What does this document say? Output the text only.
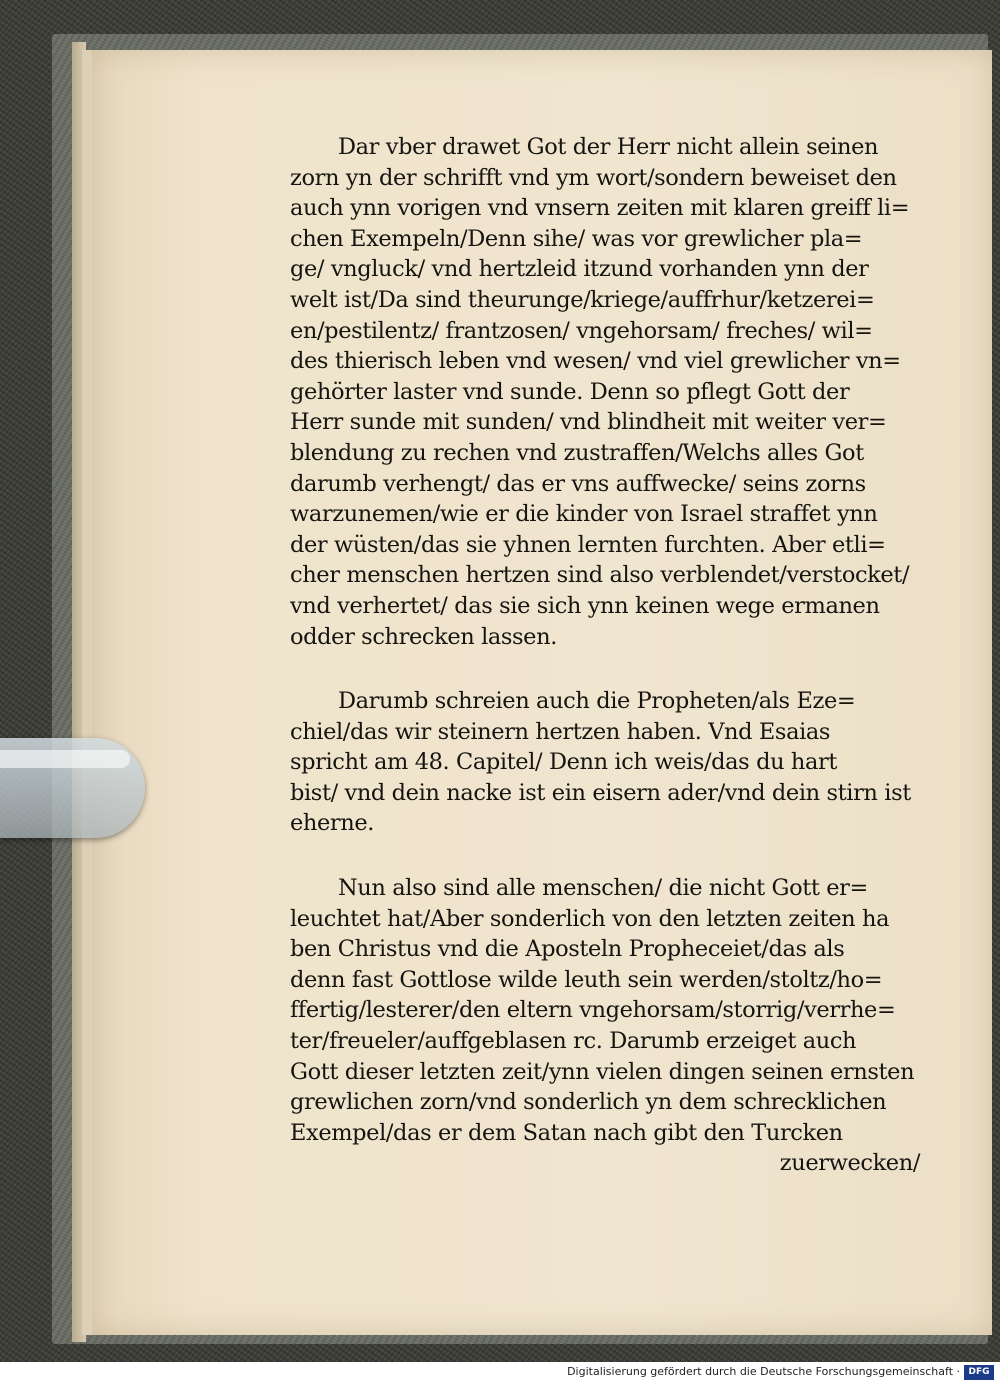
Dar vber drawet Got der Herr nicht allein seinen
zorn yn der schrifft vnd ym wort/sondern beweiset den
auch ynn vorigen vnd vnsern zeiten mit klaren greiff li=
chen Exempeln/Denn sihe/ was vor grewlicher pla=
ge/ vngluck/ vnd hertzleid itzund vorhanden ynn der
welt ist/Da sind theurunge/kriege/auffrhur/ketzerei=
en/pestilentz/ frantzosen/ vngehorsam/ freches/ wil=
des thierisch leben vnd wesen/ vnd viel grewlicher vn=
gehörter laster vnd sunde. Denn so pflegt Gott der
Herr sunde mit sunden/ vnd blindheit mit weiter ver=
blendung zu rechen vnd zustraffen/Welchs alles Got
darumb verhengt/ das er vns auffwecke/ seins zorns
warzunemen/wie er die kinder von Israel straffet ynn
der wüsten/das sie yhnen lernten furchten. Aber etli=
cher menschen hertzen sind also verblendet/verstocket/
vnd verhertet/ das sie sich ynn keinen wege ermanen
odder schrecken lassen.
Darumb schreien auch die Propheten/als Eze=
chiel/das wir steinern hertzen haben. Vnd Esaias
spricht am 48. Capitel/ Denn ich weis/das du hart
bist/ vnd dein nacke ist ein eisern ader/vnd dein stirn ist
eherne.
Nun also sind alle menschen/ die nicht Gott er=
leuchtet hat/Aber sonderlich von den letzten zeiten ha
ben Christus vnd die Aposteln Propheceiet/das als
denn fast Gottlose wilde leuth sein werden/stoltz/ho=
ffertig/lesterer/den eltern vngehorsam/storrig/verrhe=
ter/freueler/auffgeblasen rc. Darumb erzeiget auch
Gott dieser letzten zeit/ynn vielen dingen seinen ernsten
grewlichen zorn/vnd sonderlich yn dem schrecklichen
Exempel/das er dem Satan nach gibt den Turcken
zuerwecken/
Digitalisierung gefördert durch die Deutsche Forschungsgemeinschaft · DFG
